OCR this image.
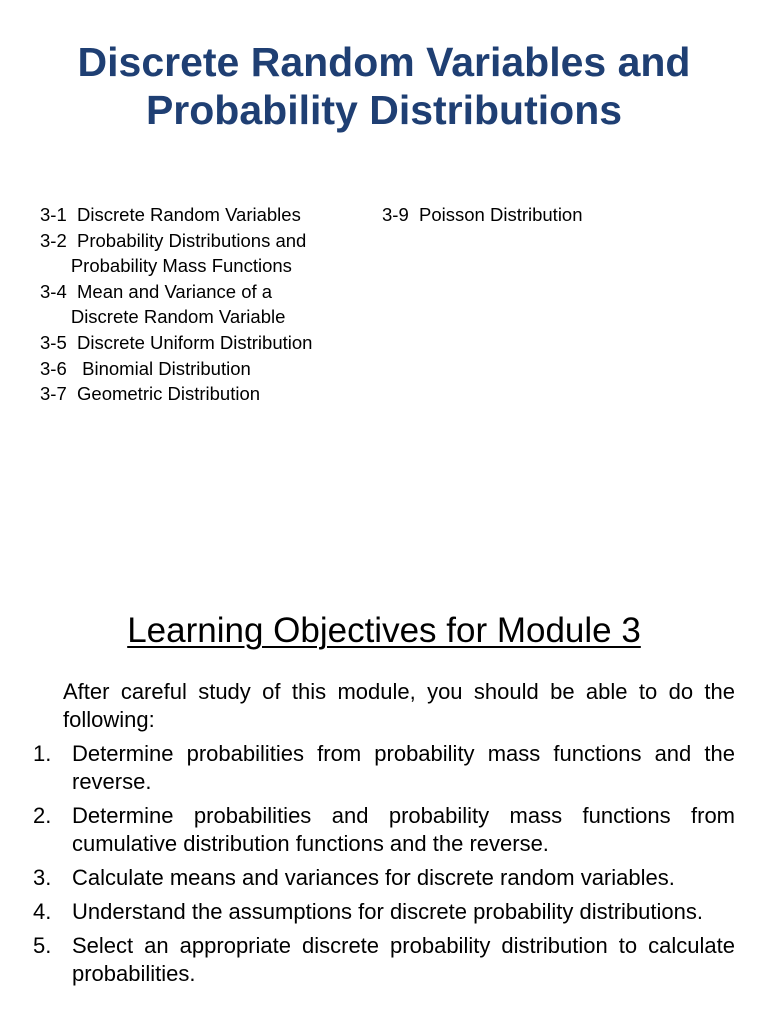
Discrete Random Variables and
Probability Distributions
3-1  Discrete Random Variables
3-2  Probability Distributions and
Probability Mass Functions
3-4  Mean and Variance of a
Discrete Random Variable
3-5  Discrete Uniform Distribution
3-6   Binomial Distribution
3-7  Geometric Distribution
3-9  Poisson Distribution
Learning Objectives for Module 3
After careful study of this module, you should be able to do the following:
1. Determine probabilities from probability mass functions and the reverse.
2. Determine probabilities and probability mass functions from cumulative distribution functions and the reverse.
3. Calculate means and variances for discrete random variables.
4. Understand the assumptions for discrete probability distributions.
5. Select an appropriate discrete probability distribution to calculate probabilities.
